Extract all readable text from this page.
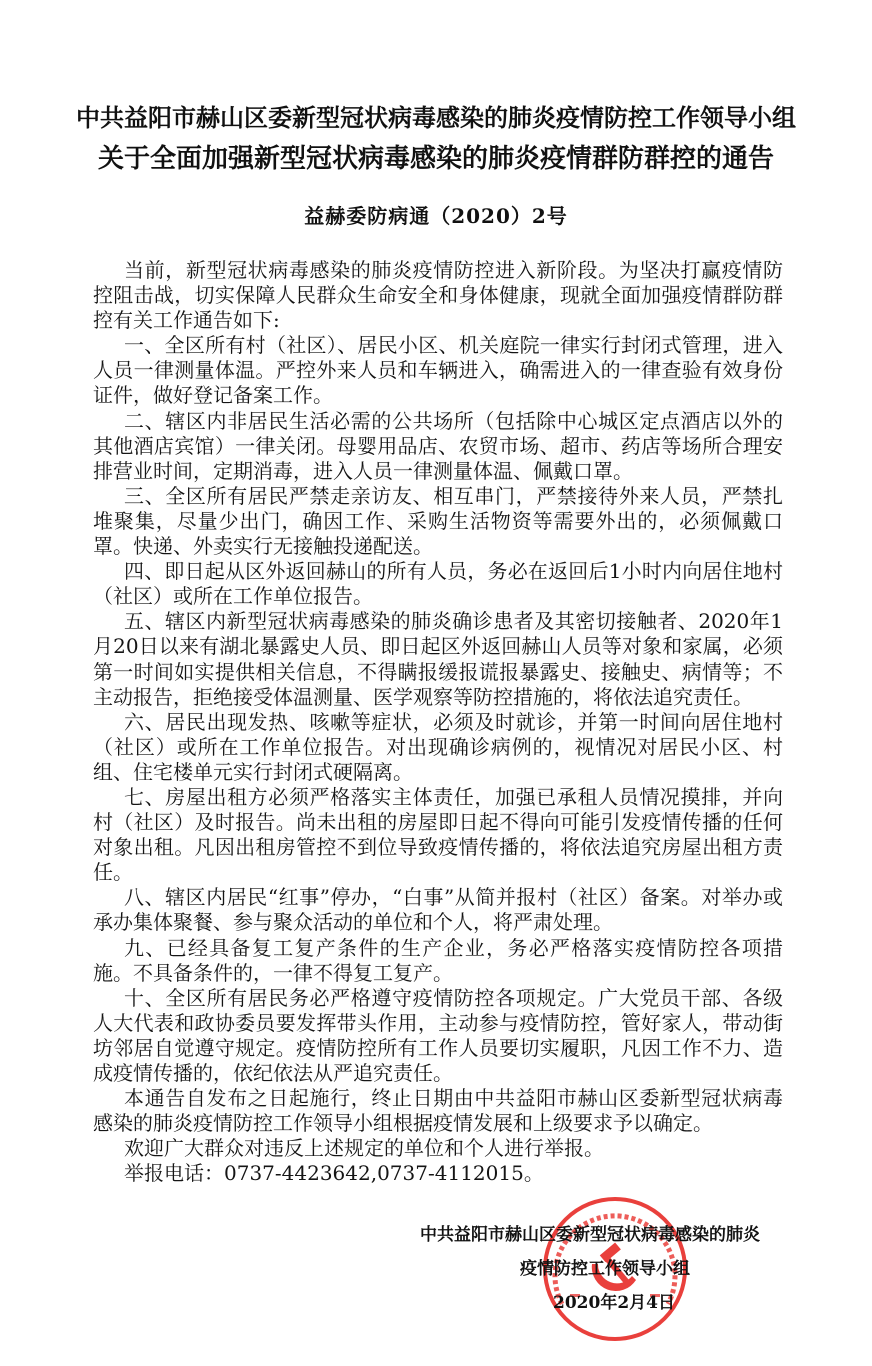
中共益阳市赫山区委新型冠状病毒感染的肺炎疫情防控工作领导小组
关于全面加强新型冠状病毒感染的肺炎疫情群防群控的通告
益赫委防病通（2020）2号

当前，新型冠状病毒感染的肺炎疫情防控进入新阶段。为坚决打赢疫情防控阻击战，切实保障人民群众生命安全和身体健康，现就全面加强疫情群防群控有关工作通告如下:

一、全区所有村（社区）、居民小区、机关庭院一律实行封闭式管理，进入人员一律测量体温。严控外来人员和车辆进入，确需进入的一律查验有效身份证件，做好登记备案工作。

二、辖区内非居民生活必需的公共场所（包括除中心城区定点酒店以外的其他酒店宾馆）一律关闭。母婴用品店、农贸市场、超市、药店等场所合理安排营业时间，定期消毒，进入人员一律测量体温、佩戴口罩。

三、全区所有居民严禁走亲访友、相互串门，严禁接待外来人员，严禁扎堆聚集，尽量少出门，确因工作、采购生活物资等需要外出的，必须佩戴口罩。快递、外卖实行无接触投递配送。

四、即日起从区外返回赫山的所有人员，务必在返回后1小时内向居住地村（社区）或所在工作单位报告。

五、辖区内新型冠状病毒感染的肺炎确诊患者及其密切接触者、2020年1月20日以来有湖北暴露史人员、即日起区外返回赫山人员等对象和家属，必须第一时间如实提供相关信息，不得瞒报缓报谎报暴露史、接触史、病情等；不主动报告，拒绝接受体温测量、医学观察等防控措施的，将依法追究责任。

六、居民出现发热、咳嗽等症状，必须及时就诊，并第一时间向居住地村（社区）或所在工作单位报告。对出现确诊病例的，视情况对居民小区、村组、住宅楼单元实行封闭式硬隔离。

七、房屋出租方必须严格落实主体责任，加强已承租人员情况摸排，并向村（社区）及时报告。尚未出租的房屋即日起不得向可能引发疫情传播的任何对象出租。凡因出租房管控不到位导致疫情传播的，将依法追究房屋出租方责任。

八、辖区内居民“红事”停办，“白事”从简并报村（社区）备案。对举办或承办集体聚餐、参与聚众活动的单位和个人，将严肃处理。

九、已经具备复工复产条件的生产企业，务必严格落实疫情防控各项措施。不具备条件的，一律不得复工复产。

十、全区所有居民务必严格遵守疫情防控各项规定。广大党员干部、各级人大代表和政协委员要发挥带头作用，主动参与疫情防控，管好家人，带动街坊邻居自觉遵守规定。疫情防控所有工作人员要切实履职，凡因工作不力、造成疫情传播的，依纪依法从严追究责任。

本通告自发布之日起施行，终止日期由中共益阳市赫山区委新型冠状病毒感染的肺炎疫情防控工作领导小组根据疫情发展和上级要求予以确定。

欢迎广大群众对违反上述规定的单位和个人进行举报。

举报电话：0737-4423642,0737-4112015。

中共益阳市赫山区委新型冠状病毒感染的肺炎
疫情防控工作领导小组
2020年2月4日
